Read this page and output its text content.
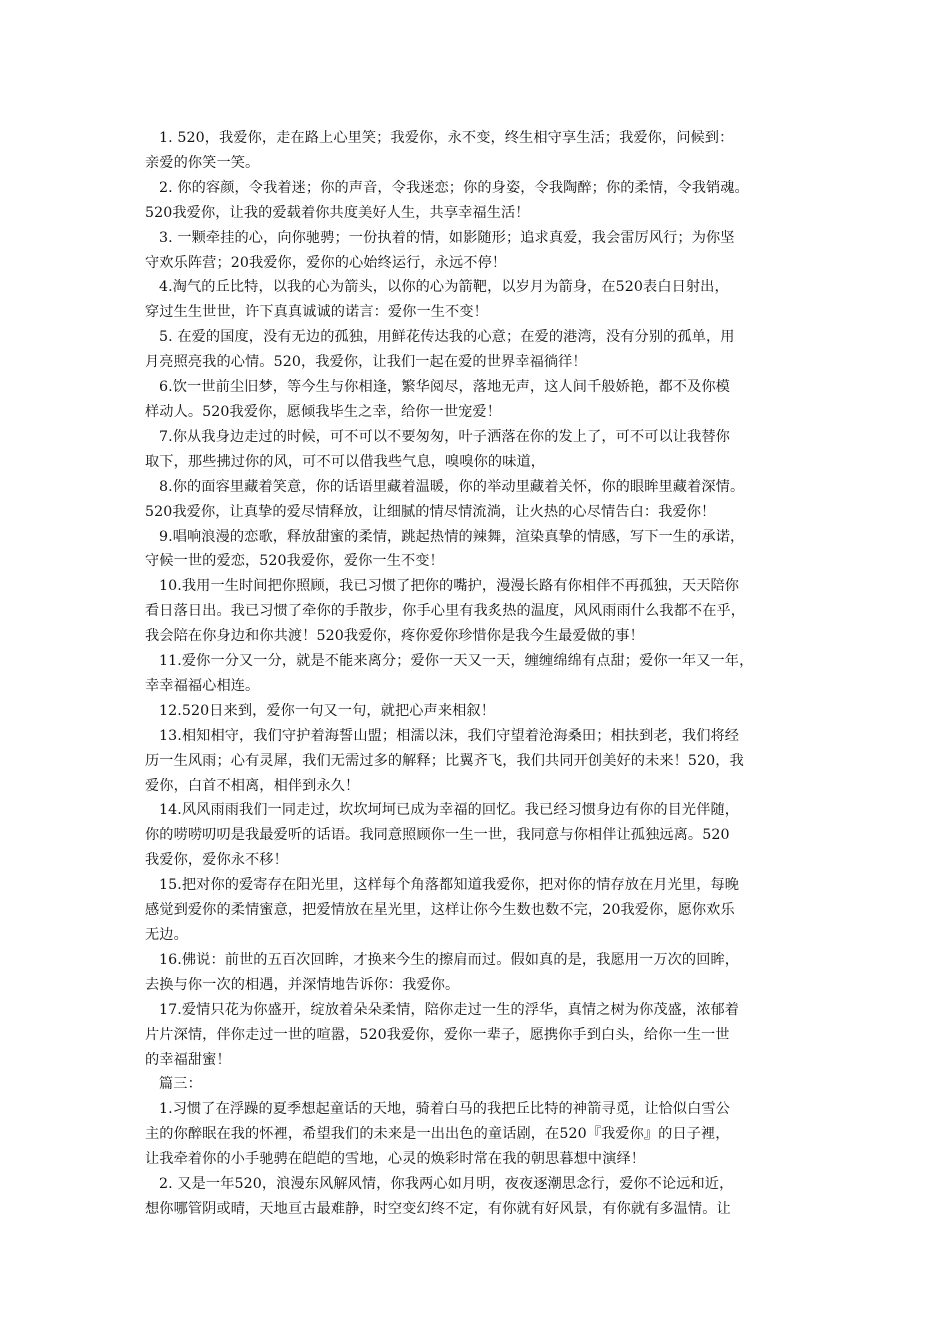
1. 520，我爱你，走在路上心里笑；我爱你，永不变，终生相守享生活；我爱你，问候到：
亲爱的你笑一笑。

2. 你的容颜，令我着迷；你的声音，令我迷恋；你的身姿，令我陶醉；你的柔情，令我销魂。
520我爱你，让我的爱载着你共度美好人生，共享幸福生活！

3. 一颗牵挂的心，向你驰骋；一份执着的情，如影随形；追求真爱，我会雷厉风行；为你坚
守欢乐阵营；20我爱你，爱你的心始终运行，永远不停！

4.淘气的丘比特，以我的心为箭头，以你的心为箭靶，以岁月为箭身，在520表白日射出，
穿过生生世世，许下真真诚诚的诺言：爱你一生不变！

5. 在爱的国度，没有无边的孤独，用鲜花传达我的心意；在爱的港湾，没有分别的孤单，用
月亮照亮我的心情。520，我爱你，让我们一起在爱的世界幸福徜徉！

6.饮一世前尘旧梦，等今生与你相逢，繁华阅尽，落地无声，这人间千般娇艳，都不及你模
样动人。520我爱你，愿倾我毕生之幸，给你一世宠爱！

7.你从我身边走过的时候，可不可以不要匆匆，叶子洒落在你的发上了，可不可以让我替你
取下，那些拂过你的风，可不可以借我些气息，嗅嗅你的味道，

8.你的面容里藏着笑意，你的话语里藏着温暖，你的举动里藏着关怀，你的眼眸里藏着深情。
520我爱你，让真挚的爱尽情释放，让细腻的情尽情流淌，让火热的心尽情告白：我爱你！

9.唱响浪漫的恋歌，释放甜蜜的柔情，跳起热情的辣舞，渲染真挚的情感，写下一生的承诺，
守候一世的爱恋，520我爱你，爱你一生不变！

10.我用一生时间把你照顾，我已习惯了把你的嘴护，漫漫长路有你相伴不再孤独，天天陪你
看日落日出。我已习惯了牵你的手散步，你手心里有我炙热的温度，风风雨雨什么我都不在乎，
我会陪在你身边和你共渡！520我爱你，疼你爱你珍惜你是我今生最爱做的事！

11.爱你一分又一分，就是不能来离分；爱你一天又一天，缠缠绵绵有点甜；爱你一年又一年，
幸幸福福心相连。

12.520日来到，爱你一句又一句，就把心声来相叙！

13.相知相守，我们守护着海誓山盟；相濡以沫，我们守望着沧海桑田；相扶到老，我们将经
历一生风雨；心有灵犀，我们无需过多的解释；比翼齐飞，我们共同开创美好的未来！520，我
爱你，白首不相离，相伴到永久！

14.风风雨雨我们一同走过，坎坎坷坷已成为幸福的回忆。我已经习惯身边有你的目光伴随，
你的唠唠叨叨是我最爱听的话语。我同意照顾你一生一世，我同意与你相伴让孤独远离。520
我爱你，爱你永不移！

15.把对你的爱寄存在阳光里，这样每个角落都知道我爱你，把对你的情存放在月光里，每晚
感觉到爱你的柔情蜜意，把爱情放在星光里，这样让你今生数也数不完，20我爱你，愿你欢乐
无边。

16.佛说：前世的五百次回眸，才换来今生的擦肩而过。假如真的是，我愿用一万次的回眸，
去换与你一次的相遇，并深情地告诉你：我爱你。

17.爱情只花为你盛开，绽放着朵朵柔情，陪你走过一生的浮华，真情之树为你茂盛，浓郁着
片片深情，伴你走过一世的喧嚣，520我爱你，爱你一辈子，愿携你手到白头，给你一生一世
的幸福甜蜜！

篇三：

1.习惯了在浮躁的夏季想起童话的天地，骑着白马的我把丘比特的神箭寻觅，让恰似白雪公
主的你醉眠在我的怀裡，希望我们的未来是一出出色的童话剧，在520『我爱你』的日子裡，
让我牵着你的小手驰骋在皑皑的雪地，心灵的焕彩时常在我的朝思暮想中演绎！

2. 又是一年520，浪漫东风解风情，你我两心如月明，夜夜逐潮思念行，爱你不论远和近，
想你哪管阴或晴，天地亘古最难静，时空变幻终不定，有你就有好风景，有你就有多温情。让
